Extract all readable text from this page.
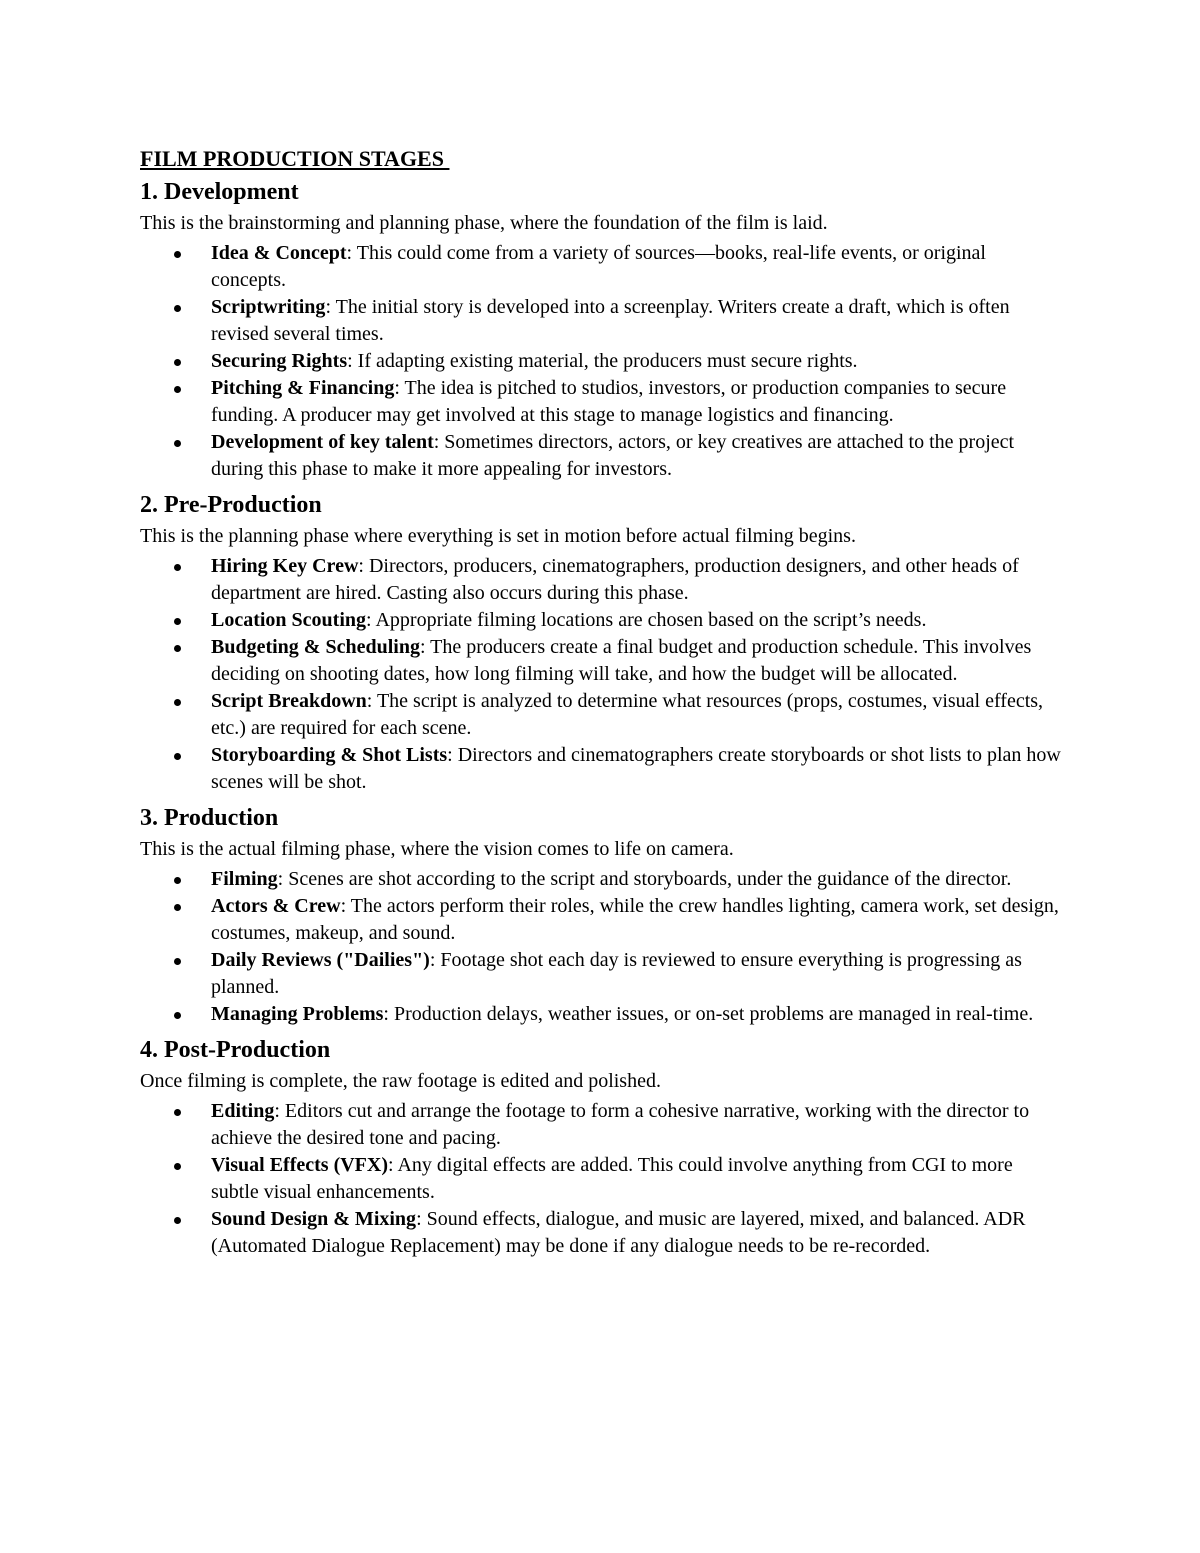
FILM PRODUCTION STAGES
1. Development
This is the brainstorming and planning phase, where the foundation of the film is laid.
Idea & Concept: This could come from a variety of sources—books, real-life events, or original concepts.
Scriptwriting: The initial story is developed into a screenplay. Writers create a draft, which is often revised several times.
Securing Rights: If adapting existing material, the producers must secure rights.
Pitching & Financing: The idea is pitched to studios, investors, or production companies to secure funding. A producer may get involved at this stage to manage logistics and financing.
Development of key talent: Sometimes directors, actors, or key creatives are attached to the project during this phase to make it more appealing for investors.
2. Pre-Production
This is the planning phase where everything is set in motion before actual filming begins.
Hiring Key Crew: Directors, producers, cinematographers, production designers, and other heads of department are hired. Casting also occurs during this phase.
Location Scouting: Appropriate filming locations are chosen based on the script’s needs.
Budgeting & Scheduling: The producers create a final budget and production schedule. This involves deciding on shooting dates, how long filming will take, and how the budget will be allocated.
Script Breakdown: The script is analyzed to determine what resources (props, costumes, visual effects, etc.) are required for each scene.
Storyboarding & Shot Lists: Directors and cinematographers create storyboards or shot lists to plan how scenes will be shot.
3. Production
This is the actual filming phase, where the vision comes to life on camera.
Filming: Scenes are shot according to the script and storyboards, under the guidance of the director.
Actors & Crew: The actors perform their roles, while the crew handles lighting, camera work, set design, costumes, makeup, and sound.
Daily Reviews ("Dailies"): Footage shot each day is reviewed to ensure everything is progressing as planned.
Managing Problems: Production delays, weather issues, or on-set problems are managed in real-time.
4. Post-Production
Once filming is complete, the raw footage is edited and polished.
Editing: Editors cut and arrange the footage to form a cohesive narrative, working with the director to achieve the desired tone and pacing.
Visual Effects (VFX): Any digital effects are added. This could involve anything from CGI to more subtle visual enhancements.
Sound Design & Mixing: Sound effects, dialogue, and music are layered, mixed, and balanced. ADR (Automated Dialogue Replacement) may be done if any dialogue needs to be re-recorded.
